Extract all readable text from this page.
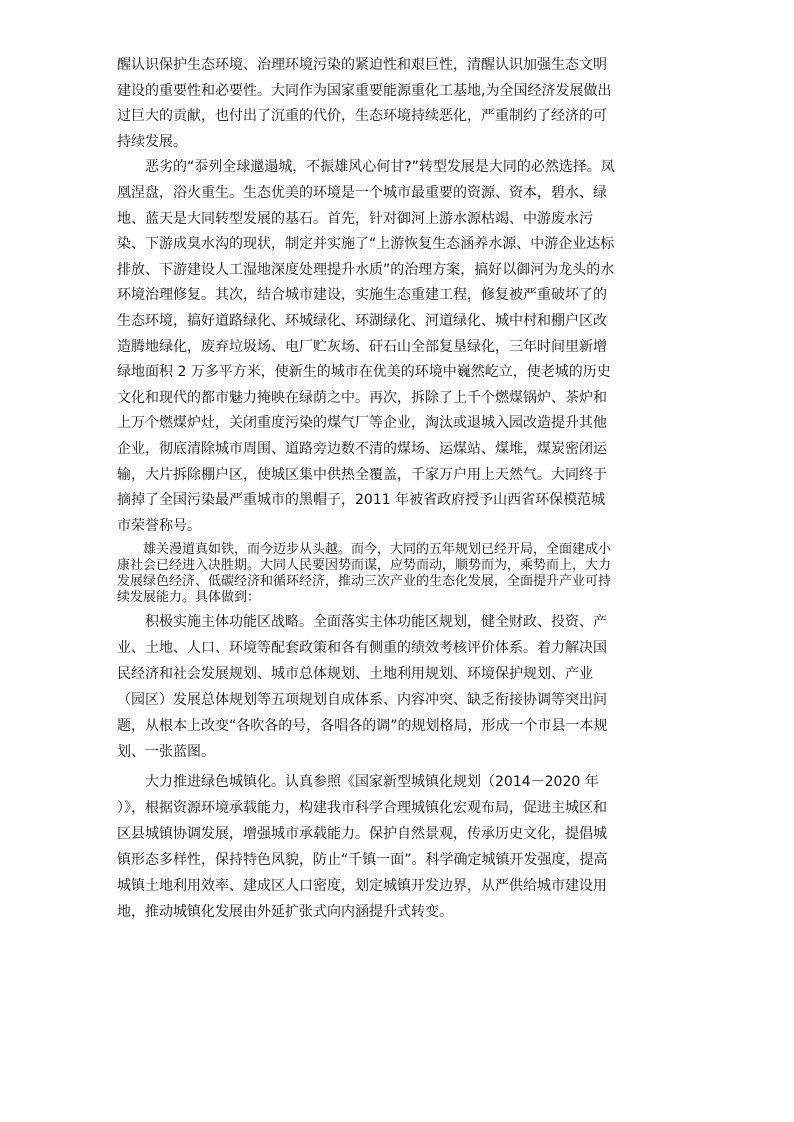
醒认识保护生态环境、治理环境污染的紧迫性和艰巨性，清醒认识加强生态文明建设的重要性和必要性。大同作为国家重要能源重化工基地,为全国经济发展做出过巨大的贡献，也付出了沉重的代价，生态环境持续恶化，严重制约了经济的可持续发展。

恶劣的“忝列全球邋遢城，不振雄风心何甘?”转型发展是大同的必然选择。凤凰涅盘，浴火重生。生态优美的环境是一个城市最重要的资源、资本，碧水、绿地、蓝天是大同转型发展的基石。首先，针对御河上游水源枯竭、中游废水污染、下游成臭水沟的现状，制定并实施了“上游恢复生态涵养水源、中游企业达标排放、下游建设人工湿地深度处理提升水质”的治理方案，搞好以御河为龙头的水环境治理修复。其次，结合城市建设，实施生态重建工程，修复被严重破坏了的生态环境，搞好道路绿化、环城绿化、环湖绿化、河道绿化、城中村和棚户区改造腾地绿化，废弃垃圾场、电厂贮灰场、矸石山全部复垦绿化，三年时间里新增绿地面积 2 万多平方米，使新生的城市在优美的环境中巍然屹立，使老城的历史文化和现代的都市魅力掩映在绿荫之中。再次，拆除了上千个燃煤锅炉、茶炉和上万个燃煤炉灶，关闭重度污染的煤气厂等企业，淘汰或退城入园改造提升其他企业，彻底清除城市周围、道路旁边数不清的煤场、运煤站、煤堆，煤炭密闭运输，大片拆除棚户区，使城区集中供热全覆盖，千家万户用上天然气。大同终于摘掉了全国污染最严重城市的黑帽子，2011 年被省政府授予山西省环保模范城市荣誉称号。

雄关漫道真如铁，而今迈步从头越。而今，大同的五年规划已经开局，全面建成小康社会已经进入决胜期。大同人民要因势而谋，应势而动，顺势而为，乘势而上，大力发展绿色经济、低碳经济和循环经济，推动三次产业的生态化发展，全面提升产业可持续发展能力。具体做到：

积极实施主体功能区战略。全面落实主体功能区规划，健全财政、投资、产业、土地、人口、环境等配套政策和各有侧重的绩效考核评价体系。着力解决国民经济和社会发展规划、城市总体规划、土地利用规划、环境保护规划、产业（园区）发展总体规划等五项规划自成体系、内容冲突、缺乏衔接协调等突出问题，从根本上改变“各吹各的号，各唱各的调”的规划格局，形成一个市县一本规划、一张蓝图。

大力推进绿色城镇化。认真参照《国家新型城镇化规划（2014－2020 年 ）》，根据资源环境承载能力，构建我市科学合理城镇化宏观布局，促进主城区和区县城镇协调发展，增强城市承载能力。保护自然景观，传承历史文化，提倡城镇形态多样性，保持特色风貌，防止“千镇一面”。科学确定城镇开发强度，提高城镇土地利用效率、建成区人口密度，划定城镇开发边界，从严供给城市建设用地，推动城镇化发展由外延扩张式向内涵提升式转变。
